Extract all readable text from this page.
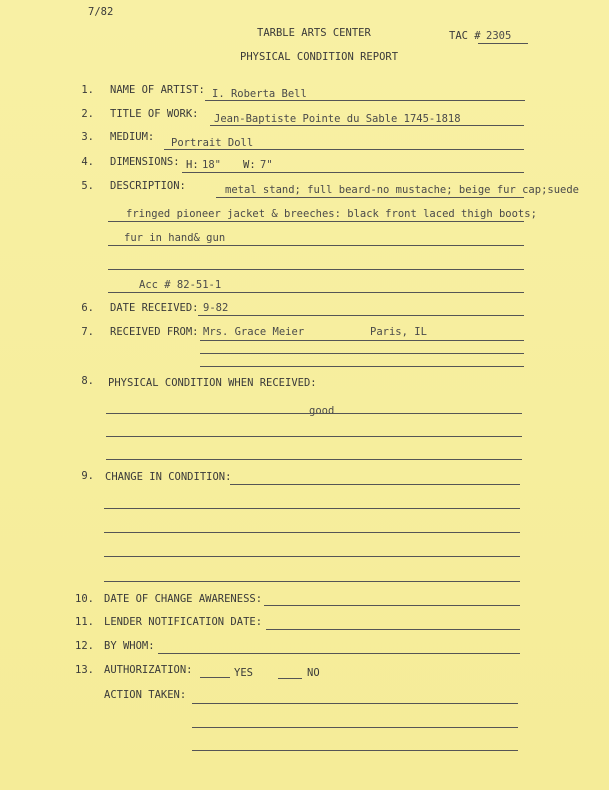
7/82
TARBLE ARTS CENTER	TAC # 2305
PHYSICAL CONDITION REPORT
1. NAME OF ARTIST: I. Roberta Bell
2. TITLE OF WORK: Jean-Baptiste Pointe du Sable 1745-1818
3. MEDIUM: Portrait Doll
4. DIMENSIONS: H: 18" W: 7"
5. DESCRIPTION:	metal stand; full beard-no mustache; beige fur cap;suede
fringed pioneer jacket & breeches: black front laced thigh boots;
fur in hand& gun
Acc # 82-51-1
6. DATE RECEIVED: 9-82
7. RECEIVED FROM: Mrs. Grace Meier	Paris, IL
8. PHYSICAL CONDITION WHEN RECEIVED:
good
9. CHANGE IN CONDITION:
10. DATE OF CHANGE AWARENESS:
11. LENDER NOTIFICATION DATE:
12. BY WHOM:
13. AUTHORIZATION:	YES	NO
ACTION TAKEN:
